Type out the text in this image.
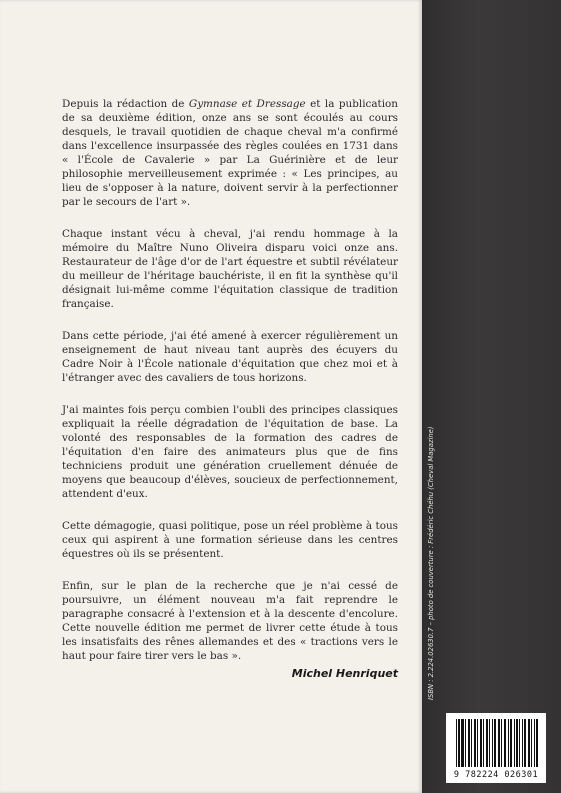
Depuis la rédaction de Gymnase et Dressage et la publication de sa deuxième édition, onze ans se sont écoulés au cours desquels, le travail quotidien de chaque cheval m'a confirmé dans l'excellence insurpassée des règles coulées en 1731 dans « l'École de Cavalerie » par La Guérinière et de leur philosophie merveilleusement exprimée : « Les principes, au lieu de s'opposer à la nature, doivent servir à la perfectionner par le secours de l'art ».

Chaque instant vécu à cheval, j'ai rendu hommage à la mémoire du Maître Nuno Oliveira disparu voici onze ans. Restaurateur de l'âge d'or de l'art équestre et subtil révélateur du meilleur de l'héritage bauchériste, il en fit la synthèse qu'il désignait lui-même comme l'équitation classique de tradition française.

Dans cette période, j'ai été amené à exercer régulièrement un enseignement de haut niveau tant auprès des écuyers du Cadre Noir à l'École nationale d'équitation que chez moi et à l'étranger avec des cavaliers de tous horizons.

J'ai maintes fois perçu combien l'oubli des principes classiques expliquait la réelle dégradation de l'équitation de base. La volonté des responsables de la formation des cadres de l'équitation d'en faire des animateurs plus que de fins techniciens produit une génération cruellement dénuée de moyens que beaucoup d'élèves, soucieux de perfectionnement, attendent d'eux.

Cette démagogie, quasi politique, pose un réel problème à tous ceux qui aspirent à une formation sérieuse dans les centres équestres où ils se présentent.

Enfin, sur le plan de la recherche que je n'ai cessé de poursuivre, un élément nouveau m'a fait reprendre le paragraphe consacré à l'extension et à la descente d'encolure. Cette nouvelle édition me permet de livrer cette étude à tous les insatisfaits des rênes allemandes et des « tractions vers le haut pour faire tirer vers le bas ».

Michel Henriquet	ISBN : 2.224.02630.7 – photo de couverture : Frédéric Chéhu (Cheval Magazine)
9 782224 026301
